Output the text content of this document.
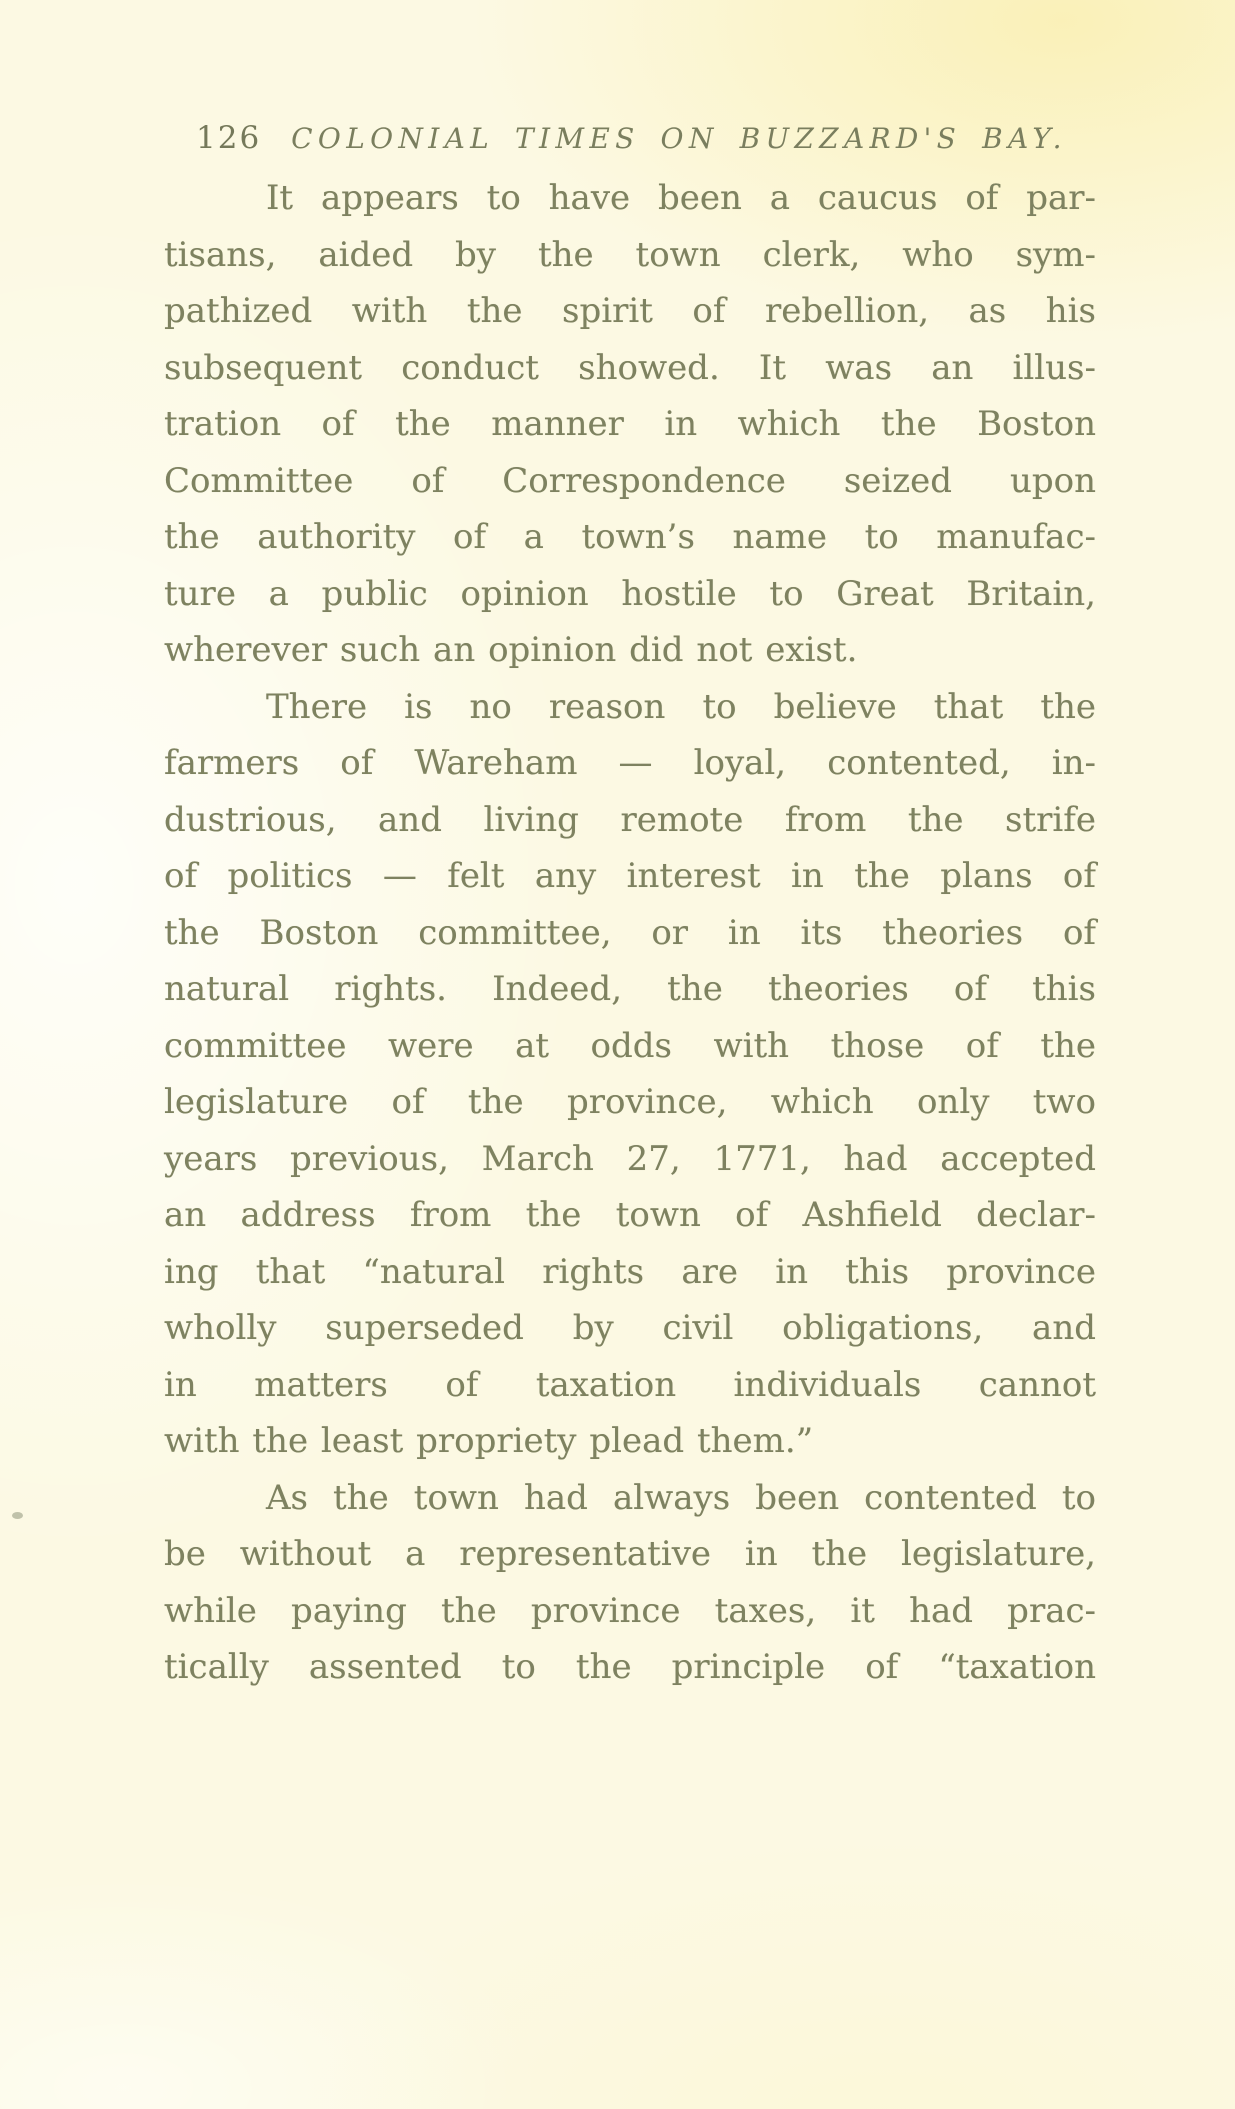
126 COLONIAL TIMES ON BUZZARD'S BAY.
It appears to have been a caucus of par-
tisans, aided by the town clerk, who sym-
pathized with the spirit of rebellion, as his
subsequent conduct showed. It was an illus-
tration of the manner in which the Boston
Committee of Correspondence seized upon
the authority of a town’s name to manufac-
ture a public opinion hostile to Great Britain,
wherever such an opinion did not exist.
There is no reason to believe that the
farmers of Wareham — loyal, contented, in-
dustrious, and living remote from the strife
of politics — felt any interest in the plans of
the Boston committee, or in its theories of
natural rights. Indeed, the theories of this
committee were at odds with those of the
legislature of the province, which only two
years previous, March 27, 1771, had accepted
an address from the town of Ashfield declar-
ing that “natural rights are in this province
wholly superseded by civil obligations, and
in matters of taxation individuals cannot
with the least propriety plead them.”
As the town had always been contented to
be without a representative in the legislature,
while paying the province taxes, it had prac-
tically assented to the principle of “taxation
